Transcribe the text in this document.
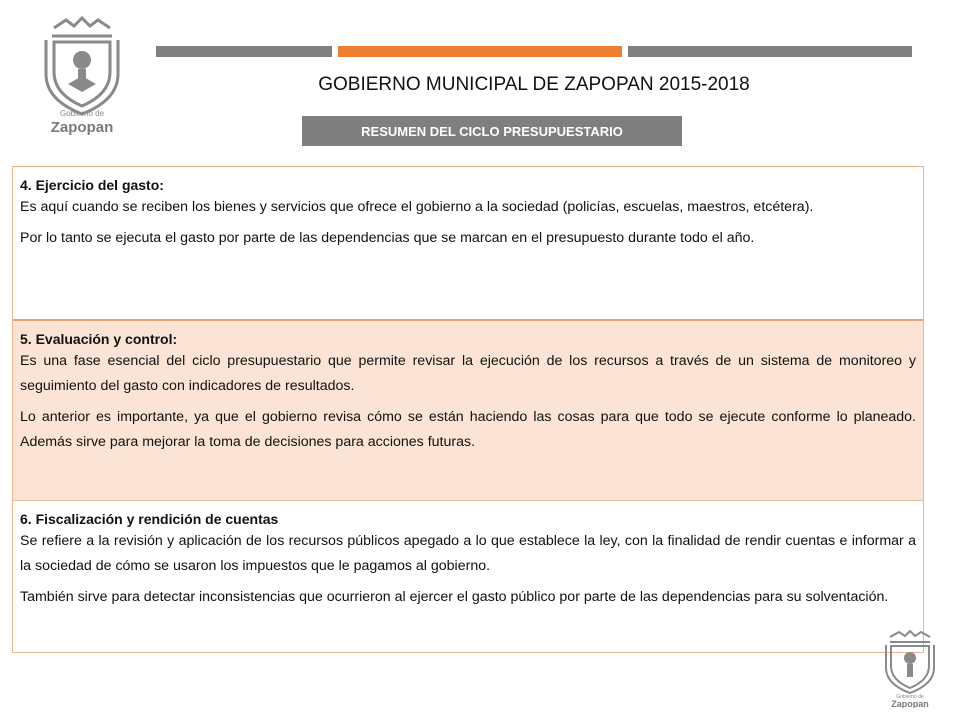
Gobierno de
Zapopan
GOBIERNO MUNICIPAL DE ZAPOPAN 2015-2018
RESUMEN DEL CICLO PRESUPUESTARIO
4. Ejercicio del gasto:

Es aquí cuando se reciben los bienes y servicios que ofrece el gobierno a la sociedad (policías, escuelas, maestros, etcétera).

Por lo tanto se ejecuta el gasto por parte de las dependencias que se marcan en el presupuesto durante todo el año.

5. Evaluación y control:

Es una fase esencial del ciclo presupuestario que permite revisar la ejecución de los recursos a través de un sistema de monitoreo y seguimiento del gasto con indicadores de resultados.

Lo anterior es importante, ya que el gobierno revisa cómo se están haciendo las cosas para que todo se ejecute conforme lo planeado. Además sirve para mejorar la toma de decisiones para acciones futuras.

6. Fiscalización y rendición de cuentas

Se refiere a la revisión y aplicación de los recursos públicos apegado a lo que establece la ley, con la finalidad de rendir cuentas e informar a la sociedad de cómo se usaron los impuestos que le pagamos al gobierno.

También sirve para detectar inconsistencias que ocurrieron al ejercer el gasto público por parte de las dependencias para su solventación.

Gobierno de
Zapopan
